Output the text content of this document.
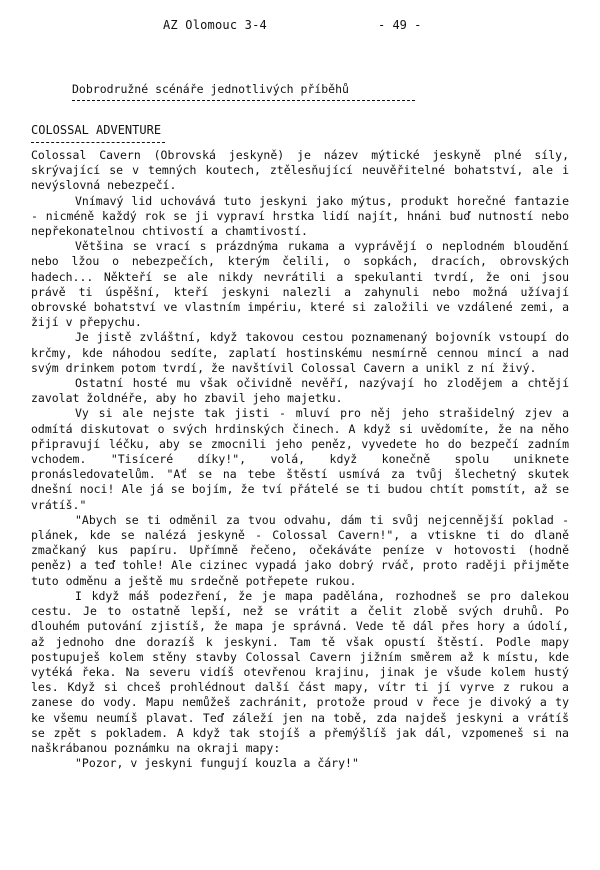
AZ Olomouc 3-4	- 49 -
Dobrodružné scénáře jednotlivých příběhů
COLOSSAL ADVENTURE

Colossal Cavern (Obrovská jeskyně) je název mýtické jeskyně plné síly, skrývající se v temných koutech, ztělesňující neuvěřitelné bohatství, ale i nevýslovná nebezpečí.

Vnímavý lid uchovává tuto jeskyni jako mýtus, produkt horečné fantazie - nicméně každý rok se ji vypraví hrstka lidí najít, hnáni buď nutností nebo nepřekonatelnou chtivostí a chamtivostí.

Většina se vrací s prázdnýma rukama a vyprávějí o neplodném bloudění nebo lžou o nebezpečích, kterým čelili, o sopkách, dracích, obrovských hadech... Někteří se ale nikdy nevrátili a spekulanti tvrdí, že oni jsou právě ti úspěšní, kteří jeskyni nalezli a zahynuli nebo možná užívají obrovské bohatství ve vlastním impériu, které si založili ve vzdálené zemi, a žijí v přepychu.

Je jistě zvláštní, když takovou cestou poznamenaný bojovník vstoupí do krčmy, kde náhodou sedíte, zaplatí hostinskému nesmírně cennou mincí a nad svým drinkem potom tvrdí, že navštívil Colossal Cavern a unikl z ní živý.

Ostatní hosté mu však očividně nevěří, nazývají ho zlodějem a chtějí zavolat žoldnéře, aby ho zbavil jeho majetku.

Vy si ale nejste tak jisti - mluví pro něj jeho strašidelný zjev a odmítá diskutovat o svých hrdinských činech. A když si uvědomíte, že na něho připravují léčku, aby se zmocnili jeho peněz, vyvedete ho do bezpečí zadním vchodem. "Tisíceré díky!", volá, když konečně spolu uniknete pronásledovatelům. "Ať se na tebe štěstí usmívá za tvůj šlechetný skutek dnešní noci! Ale já se bojím, že tví přátelé se ti budou chtít pomstít, až se vrátíš."

"Abych se ti odměnil za tvou odvahu, dám ti svůj nejcennější poklad - plánek, kde se nalézá jeskyně - Colossal Cavern!", a vtiskne ti do dlaně zmačkaný kus papíru. Upřímně řečeno, očekáváte peníze v hotovosti (hodně peněz) a teď tohle! Ale cizinec vypadá jako dobrý rváč, proto raději přijměte tuto odměnu a ještě mu srdečně potřepete rukou.

I když máš podezření, že je mapa padělána, rozhodneš se pro dalekou cestu. Je to ostatně lepší, než se vrátit a čelit zlobě svých druhů. Po dlouhém putování zjistíš, že mapa je správná. Vede tě dál přes hory a údolí, až jednoho dne dorazíš k jeskyni. Tam tě však opustí štěstí. Podle mapy postupuješ kolem stěny stavby Colossal Cavern jižním směrem až k místu, kde vytéká řeka. Na severu vidíš otevřenou krajinu, jinak je všude kolem hustý les. Když si chceš prohlédnout další část mapy, vítr ti jí vyrve z rukou a zanese do vody. Mapu nemůžeš zachránit, protože proud v řece je divoký a ty ke všemu neumíš plavat. Teď záleží jen na tobě, zda najdeš jeskyni a vrátíš se zpět s pokladem. A když tak stojíš a přemýšlíš jak dál, vzpomeneš si na naškrábanou poznámku na okraji mapy:

"Pozor, v jeskyni fungují kouzla a čáry!"
